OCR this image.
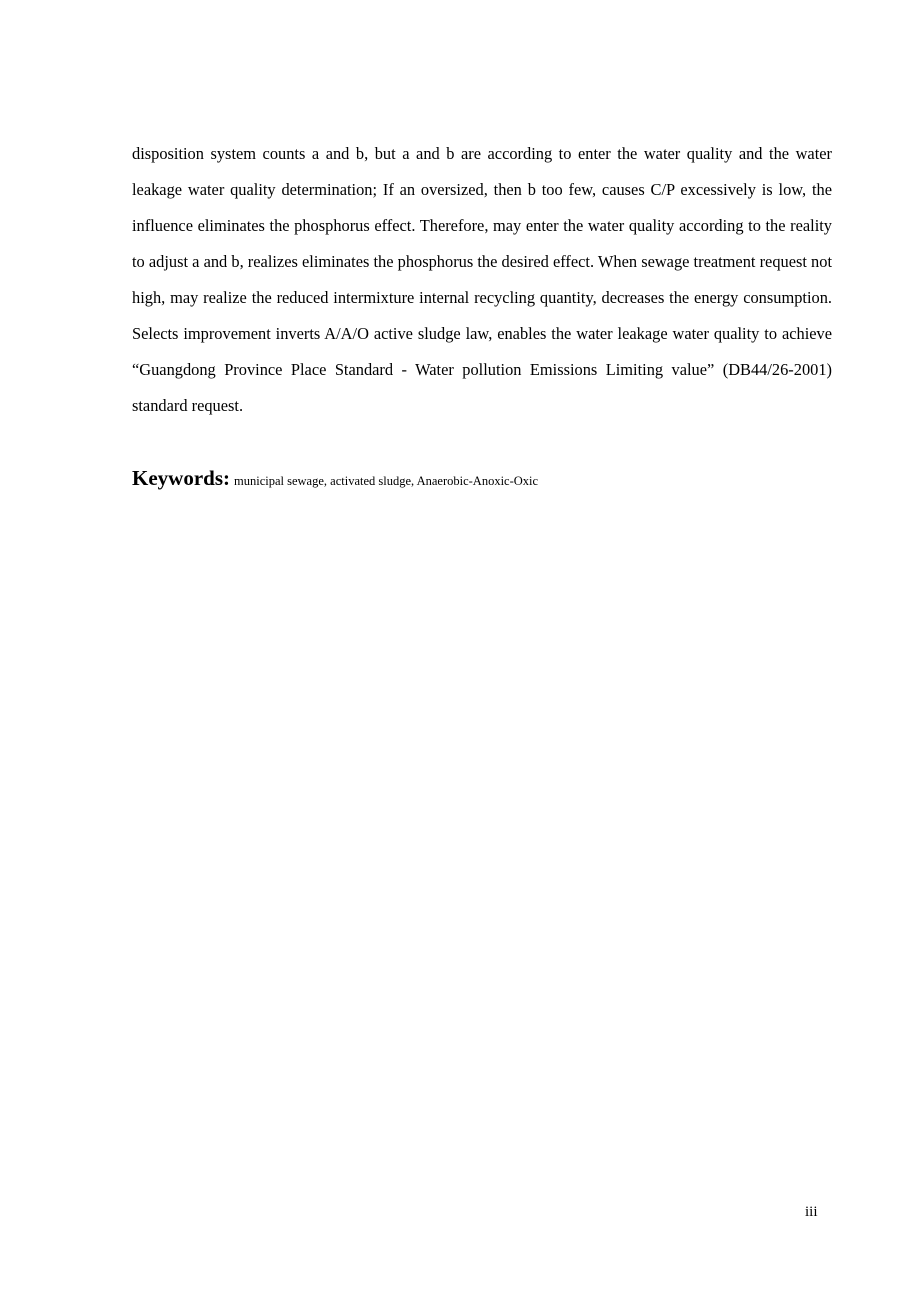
disposition system counts a and b, but a and b are according to enter the water quality and the water leakage water quality determination; If an oversized, then b too few, causes C/P excessively is low, the influence eliminates the phosphorus effect. Therefore, may enter the water quality according to the reality to adjust a and b, realizes eliminates the phosphorus the desired effect. When sewage treatment request not high, may realize the reduced intermixture internal recycling quantity, decreases the energy consumption. Selects improvement inverts A/A/O active sludge law, enables the water leakage water quality to achieve “Guangdong Province Place Standard - Water pollution Emissions Limiting value” (DB44/26-2001) standard request.

Keywords: municipal sewage, activated sludge, Anaerobic-Anoxic-Oxic

iii
